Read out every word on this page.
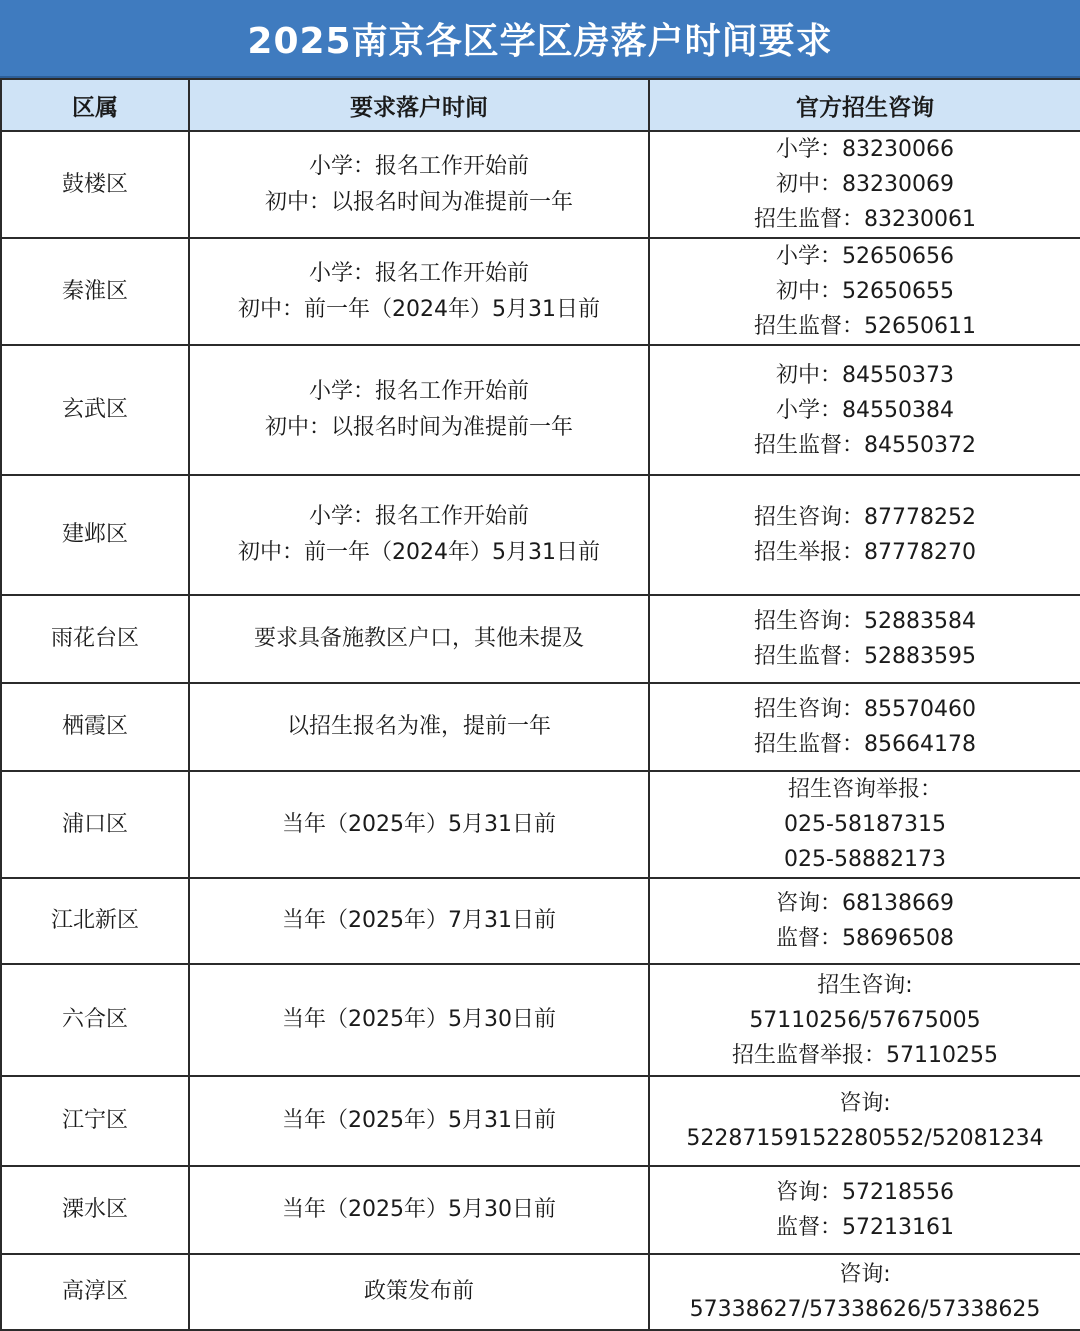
2025南京各区学区房落户时间要求
区属	要求落户时间	官方招生咨询

鼓楼区	小学：报名工作开始前
初中：以报名时间为准提前一年	小学：83230066
初中：83230069
招生监督：83230061

秦淮区	小学：报名工作开始前
初中：前一年（2024年）5月31日前	小学：52650656
初中：52650655
招生监督：52650611

玄武区	小学：报名工作开始前
初中：以报名时间为准提前一年	初中：84550373
小学：84550384
招生监督：84550372

建邺区	小学：报名工作开始前
初中：前一年（2024年）5月31日前	招生咨询：87778252
招生举报：87778270

雨花台区	要求具备施教区户口，其他未提及	招生咨询：52883584
招生监督：52883595

栖霞区	以招生报名为准，提前一年	招生咨询：85570460
招生监督：85664178

浦口区	当年（2025年）5月31日前	招生咨询举报：
025-58187315
025-58882173

江北新区	当年（2025年）7月31日前	咨询：68138669
监督：58696508

六合区	当年（2025年）5月30日前	招生咨询:
57110256/57675005
招生监督举报：57110255

江宁区	当年（2025年）5月31日前	咨询:
52287159152280552/52081234

溧水区	当年（2025年）5月30日前	咨询：57218556
监督：57213161

高淳区	政策发布前	咨询:
57338627/57338626/57338625
